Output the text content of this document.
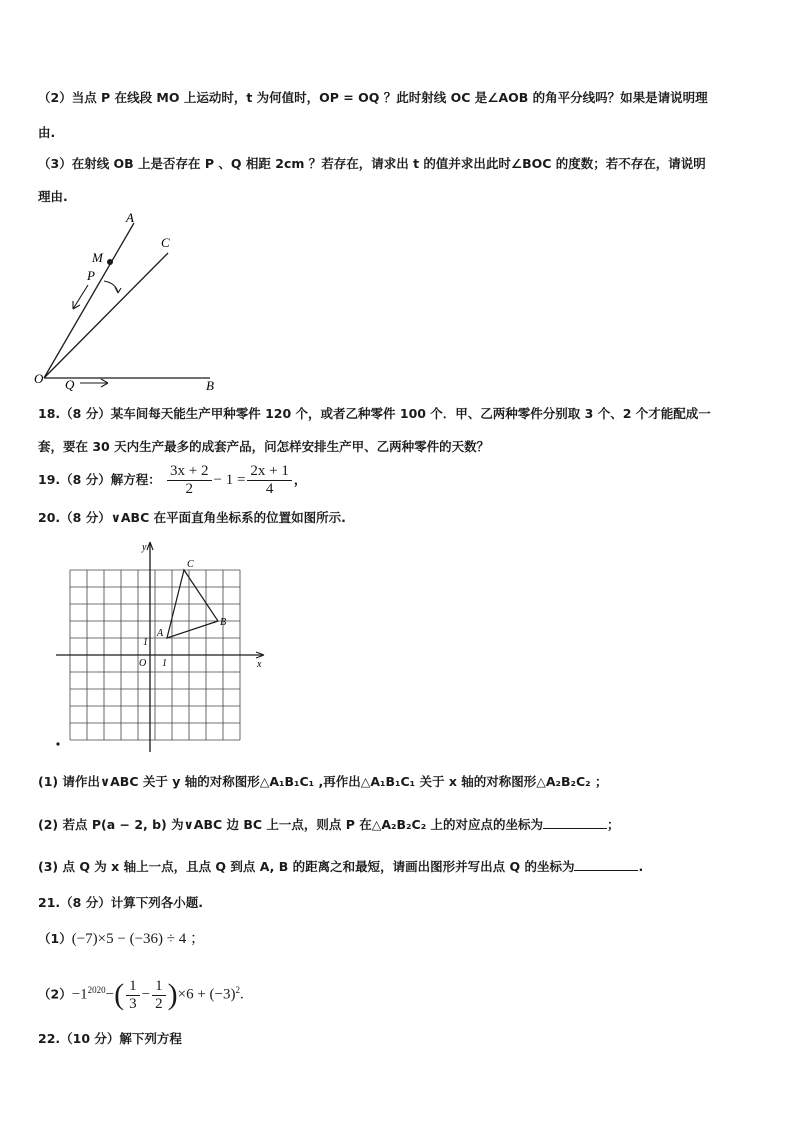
（2）当点 P 在线段 MO 上运动时，t 为何值时，OP = OQ ？此时射线 OC 是∠AOB 的角平分线吗？如果是请说明理
由.
（3）在射线 OB 上是否存在 P 、Q 相距 2cm ？若存在，请求出 t 的值并求出此时∠BOC 的度数；若不存在，请说明
理由.
A
C
M
P
O Q	B
18.（8 分）某车间每天能生产甲种零件 120 个，或者乙种零件 100 个．甲、乙两种零件分别取 3 个、2 个才能配成一
套，要在 30 天内生产最多的成套产品，问怎样安排生产甲、乙两种零件的天数？
19.（8 分）解方程： $\frac{3x + 2}{2} - 1 = \frac{2x + 1}{4}$ ，
20.（8 分）∨ABC 在平面直角坐标系的位置如图所示.
y
x
O 1
1
A
B
C
(1) 请作出∨ABC 关于 y 轴的对称图形△A₁B₁C₁ ,再作出△A₁B₁C₁ 关于 x 轴的对称图形△A₂B₂C₂ ；
(2) 若点 P(a − 2, b) 为∨ABC 边 BC 上一点，则点 P 在△A₂B₂C₂ 上的对应点的坐标为	；
(3) 点 Q 为 x 轴上一点，且点 Q 到点 A, B 的距离之和最短，请画出图形并写出点 Q 的坐标为	.
21.（8 分）计算下列各小题.
（1）(−7)×5 − (−36) ÷ 4 ；
$(2)-1^{2020}-( \frac{1}{3} - \frac{1}{2} )\times 6 + (-3)^2$.
22.（10 分）解下列方程
